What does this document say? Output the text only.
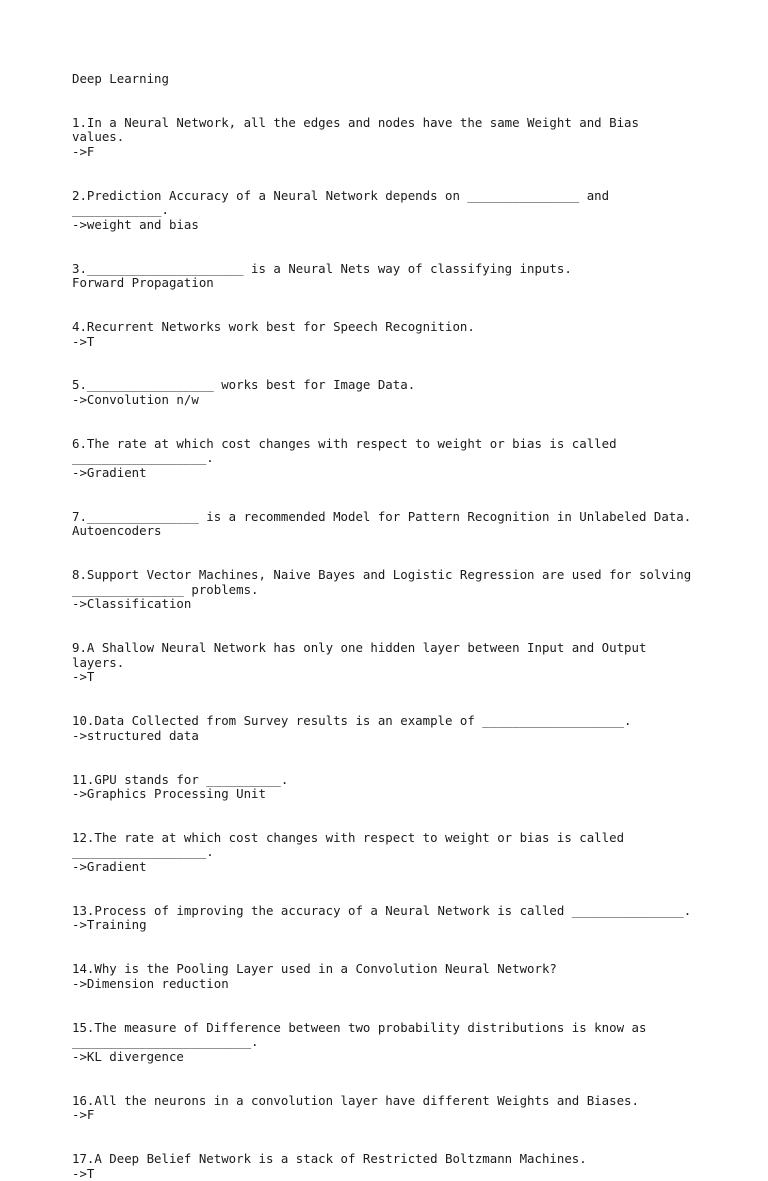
Deep Learning

1.In a Neural Network, all the edges and nodes have the same Weight and Bias
values.
->F

2.Prediction Accuracy of a Neural Network depends on _______________ and
____________.
->weight and bias

3._____________________ is a Neural Nets way of classifying inputs.
Forward Propagation

4.Recurrent Networks work best for Speech Recognition.
->T

5._________________ works best for Image Data.
->Convolution n/w

6.The rate at which cost changes with respect to weight or bias is called
__________________.
->Gradient

7._______________ is a recommended Model for Pattern Recognition in Unlabeled Data.
Autoencoders

8.Support Vector Machines, Naive Bayes and Logistic Regression are used for solving
_______________ problems.
->Classification

9.A Shallow Neural Network has only one hidden layer between Input and Output
layers.
->T

10.Data Collected from Survey results is an example of ___________________.
->structured data

11.GPU stands for __________.
->Graphics Processing Unit

12.The rate at which cost changes with respect to weight or bias is called
__________________.
->Gradient

13.Process of improving the accuracy of a Neural Network is called _______________.
->Training

14.Why is the Pooling Layer used in a Convolution Neural Network?
->Dimension reduction

15.The measure of Difference between two probability distributions is know as
________________________.
->KL divergence

16.All the neurons in a convolution layer have different Weights and Biases.
->F

17.A Deep Belief Network is a stack of Restricted Boltzmann Machines.
->T
